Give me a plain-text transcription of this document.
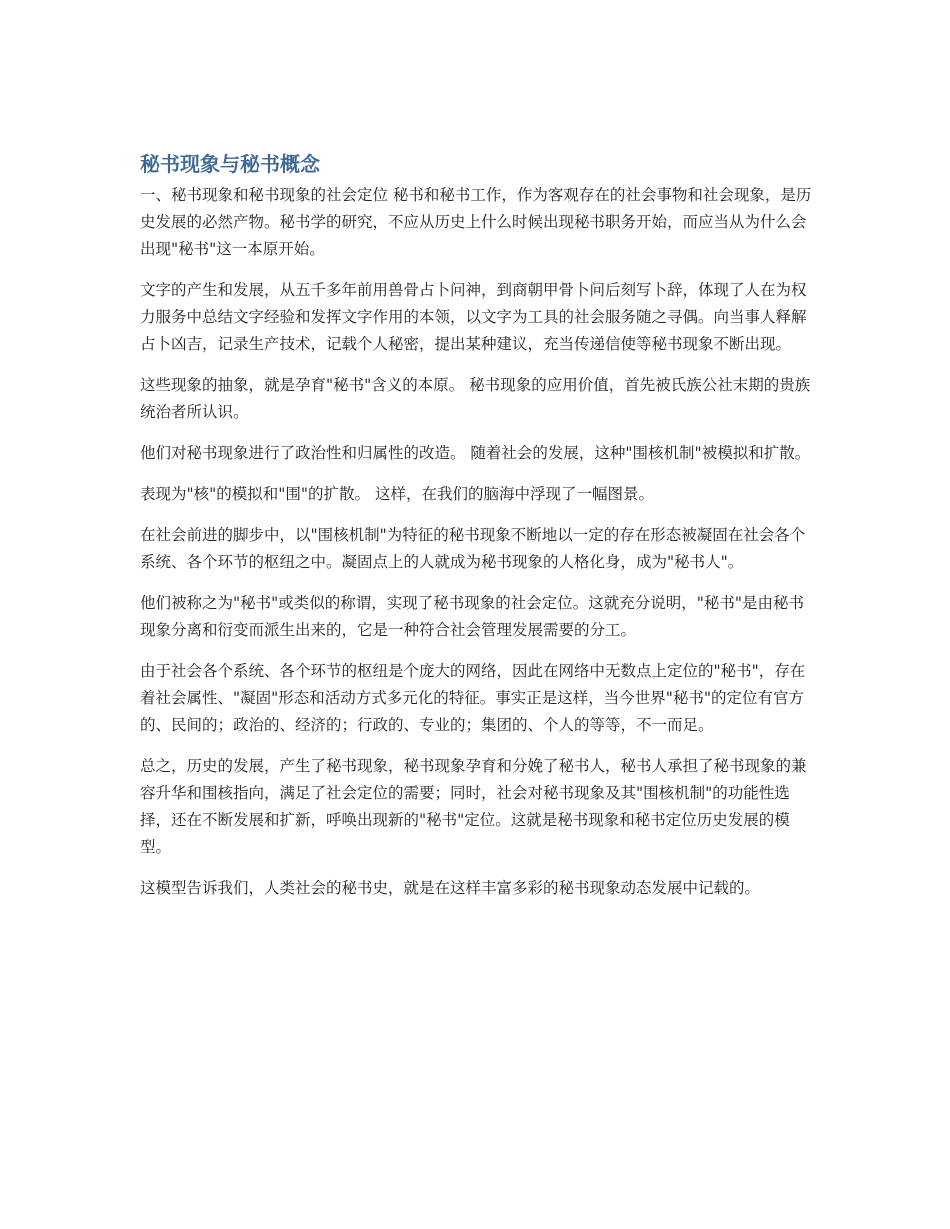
秘书现象与秘书概念

一、秘书现象和秘书现象的社会定位 秘书和秘书工作，作为客观存在的社会事物和社会现象，是历史发展的必然产物。秘书学的研究，不应从历史上什么时候出现秘书职务开始，而应当从为什么会出现"秘书"这一本原开始。

文字的产生和发展，从五千多年前用兽骨占卜问神，到商朝甲骨卜问后刻写卜辞，体现了人在为权力服务中总结文字经验和发挥文字作用的本领，以文字为工具的社会服务随之寻偶。向当事人释解占卜凶吉，记录生产技术，记载个人秘密，提出某种建议，充当传递信使等秘书现象不断出现。

这些现象的抽象，就是孕育"秘书"含义的本原。 秘书现象的应用价值，首先被氏族公社末期的贵族统治者所认识。

他们对秘书现象进行了政治性和归属性的改造。 随着社会的发展，这种"围核机制"被模拟和扩散。

表现为"核"的模拟和"围"的扩散。 这样，在我们的脑海中浮现了一幅图景。

在社会前进的脚步中，以"围核机制"为特征的秘书现象不断地以一定的存在形态被凝固在社会各个系统、各个环节的枢纽之中。凝固点上的人就成为秘书现象的人格化身，成为"秘书人"。

他们被称之为"秘书"或类似的称谓，实现了秘书现象的社会定位。这就充分说明，"秘书"是由秘书现象分离和衍变而派生出来的，它是一种符合社会管理发展需要的分工。

由于社会各个系统、各个环节的枢纽是个庞大的网络，因此在网络中无数点上定位的"秘书"，存在着社会属性、"凝固"形态和活动方式多元化的特征。事实正是这样，当今世界"秘书"的定位有官方的、民间的；政治的、经济的；行政的、专业的；集团的、个人的等等，不一而足。

总之，历史的发展，产生了秘书现象，秘书现象孕育和分娩了秘书人，秘书人承担了秘书现象的兼容升华和围核指向，满足了社会定位的需要；同时，社会对秘书现象及其"围核机制"的功能性选择，还在不断发展和扩新，呼唤出现新的"秘书"定位。这就是秘书现象和秘书定位历史发展的模型。

这模型告诉我们，人类社会的秘书史，就是在这样丰富多彩的秘书现象动态发展中记载的。
